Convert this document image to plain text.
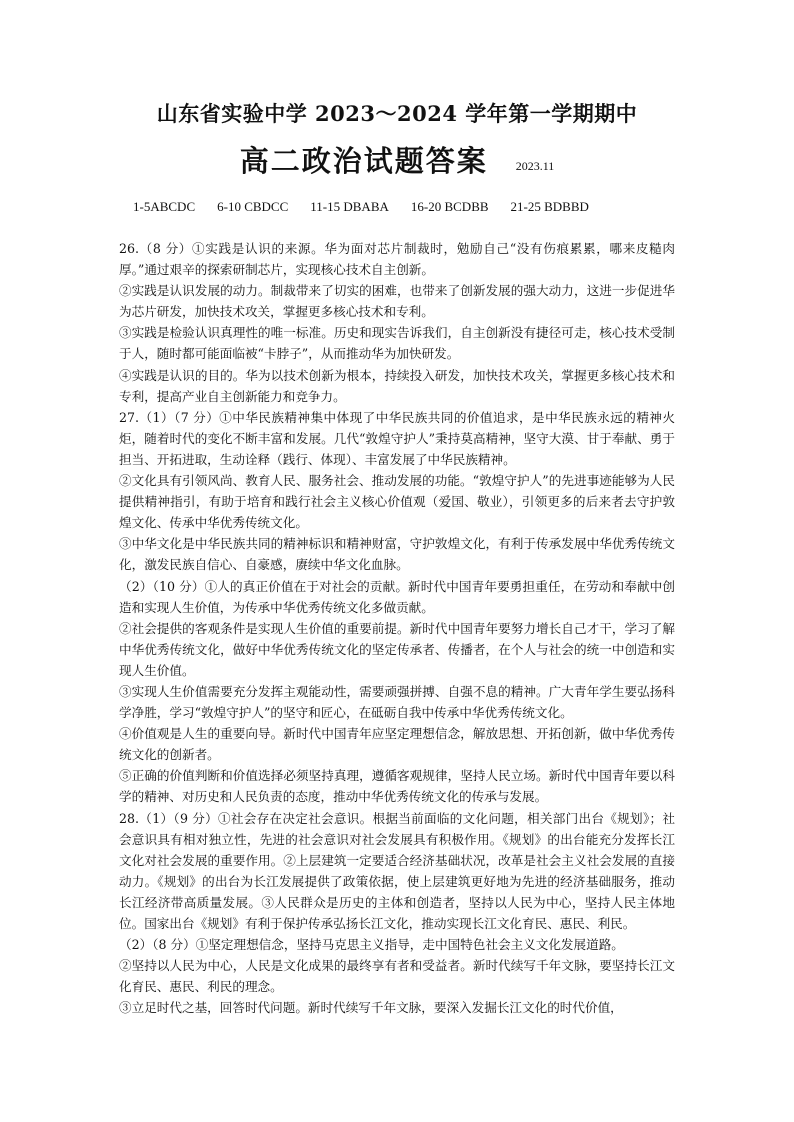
山东省实验中学 2023～2024 学年第一学期期中
高二政治试题答案 2023.11
1-5ABCDC 6-10 CBDCC 11-15 DBABA 16-20 BCDBB 21-25 BDBBD

26.（8 分）①实践是认识的来源。华为面对芯片制裁时，勉励自己“没有伤痕累累，哪来皮糙肉厚。”通过艰辛的探索研制芯片，实现核心技术自主创新。

②实践是认识发展的动力。制裁带来了切实的困难，也带来了创新发展的强大动力，这进一步促进华为芯片研发，加快技术攻关，掌握更多核心技术和专利。

③实践是检验认识真理性的唯一标准。历史和现实告诉我们，自主创新没有捷径可走，核心技术受制于人，随时都可能面临被“卡脖子”，从而推动华为加快研发。

④实践是认识的目的。华为以技术创新为根本，持续投入研发，加快技术攻关，掌握更多核心技术和专利，提高产业自主创新能力和竞争力。

27.（1）（7 分）①中华民族精神集中体现了中华民族共同的价值追求，是中华民族永远的精神火炬，随着时代的变化不断丰富和发展。几代“敦煌守护人”秉持莫高精神，坚守大漠、甘于奉献、勇于担当、开拓进取，生动诠释（践行、体现）、丰富发展了中华民族精神。

②文化具有引领风尚、教育人民、服务社会、推动发展的功能。“敦煌守护人”的先进事迹能够为人民提供精神指引，有助于培育和践行社会主义核心价值观（爱国、敬业），引领更多的后来者去守护敦煌文化、传承中华优秀传统文化。

③中华文化是中华民族共同的精神标识和精神财富，守护敦煌文化，有利于传承发展中华优秀传统文化，激发民族自信心、自豪感，赓续中华文化血脉。

（2）（10 分）①人的真正价值在于对社会的贡献。新时代中国青年要勇担重任，在劳动和奉献中创造和实现人生价值，为传承中华优秀传统文化多做贡献。

②社会提供的客观条件是实现人生价值的重要前提。新时代中国青年要努力增长自己才干，学习了解中华优秀传统文化，做好中华优秀传统文化的坚定传承者、传播者，在个人与社会的统一中创造和实现人生价值。

③实现人生价值需要充分发挥主观能动性，需要顽强拼搏、自强不息的精神。广大青年学生要弘扬科学净胜，学习“敦煌守护人”的坚守和匠心，在砥砺自我中传承中华优秀传统文化。

④价值观是人生的重要向导。新时代中国青年应坚定理想信念，解放思想、开拓创新，做中华优秀传统文化的创新者。

⑤正确的价值判断和价值选择必须坚持真理，遵循客观规律，坚持人民立场。新时代中国青年要以科学的精神、对历史和人民负责的态度，推动中华优秀传统文化的传承与发展。

28.（1）（9 分）①社会存在决定社会意识。根据当前面临的文化问题，相关部门出台《规划》；社会意识具有相对独立性，先进的社会意识对社会发展具有积极作用。《规划》的出台能充分发挥长江文化对社会发展的重要作用。②上层建筑一定要适合经济基础状况，改革是社会主义社会发展的直接动力。《规划》的出台为长江发展提供了政策依据，使上层建筑更好地为先进的经济基础服务，推动长江经济带高质量发展。③人民群众是历史的主体和创造者，坚持以人民为中心，坚持人民主体地位。国家出台《规划》有利于保护传承弘扬长江文化，推动实现长江文化育民、惠民、利民。

（2）（8 分）①坚定理想信念，坚持马克思主义指导，走中国特色社会主义文化发展道路。

②坚持以人民为中心，人民是文化成果的最终享有者和受益者。新时代续写千年文脉，要坚持长江文化育民、惠民、利民的理念。

③立足时代之基，回答时代问题。新时代续写千年文脉，要深入发掘长江文化的时代价值，
